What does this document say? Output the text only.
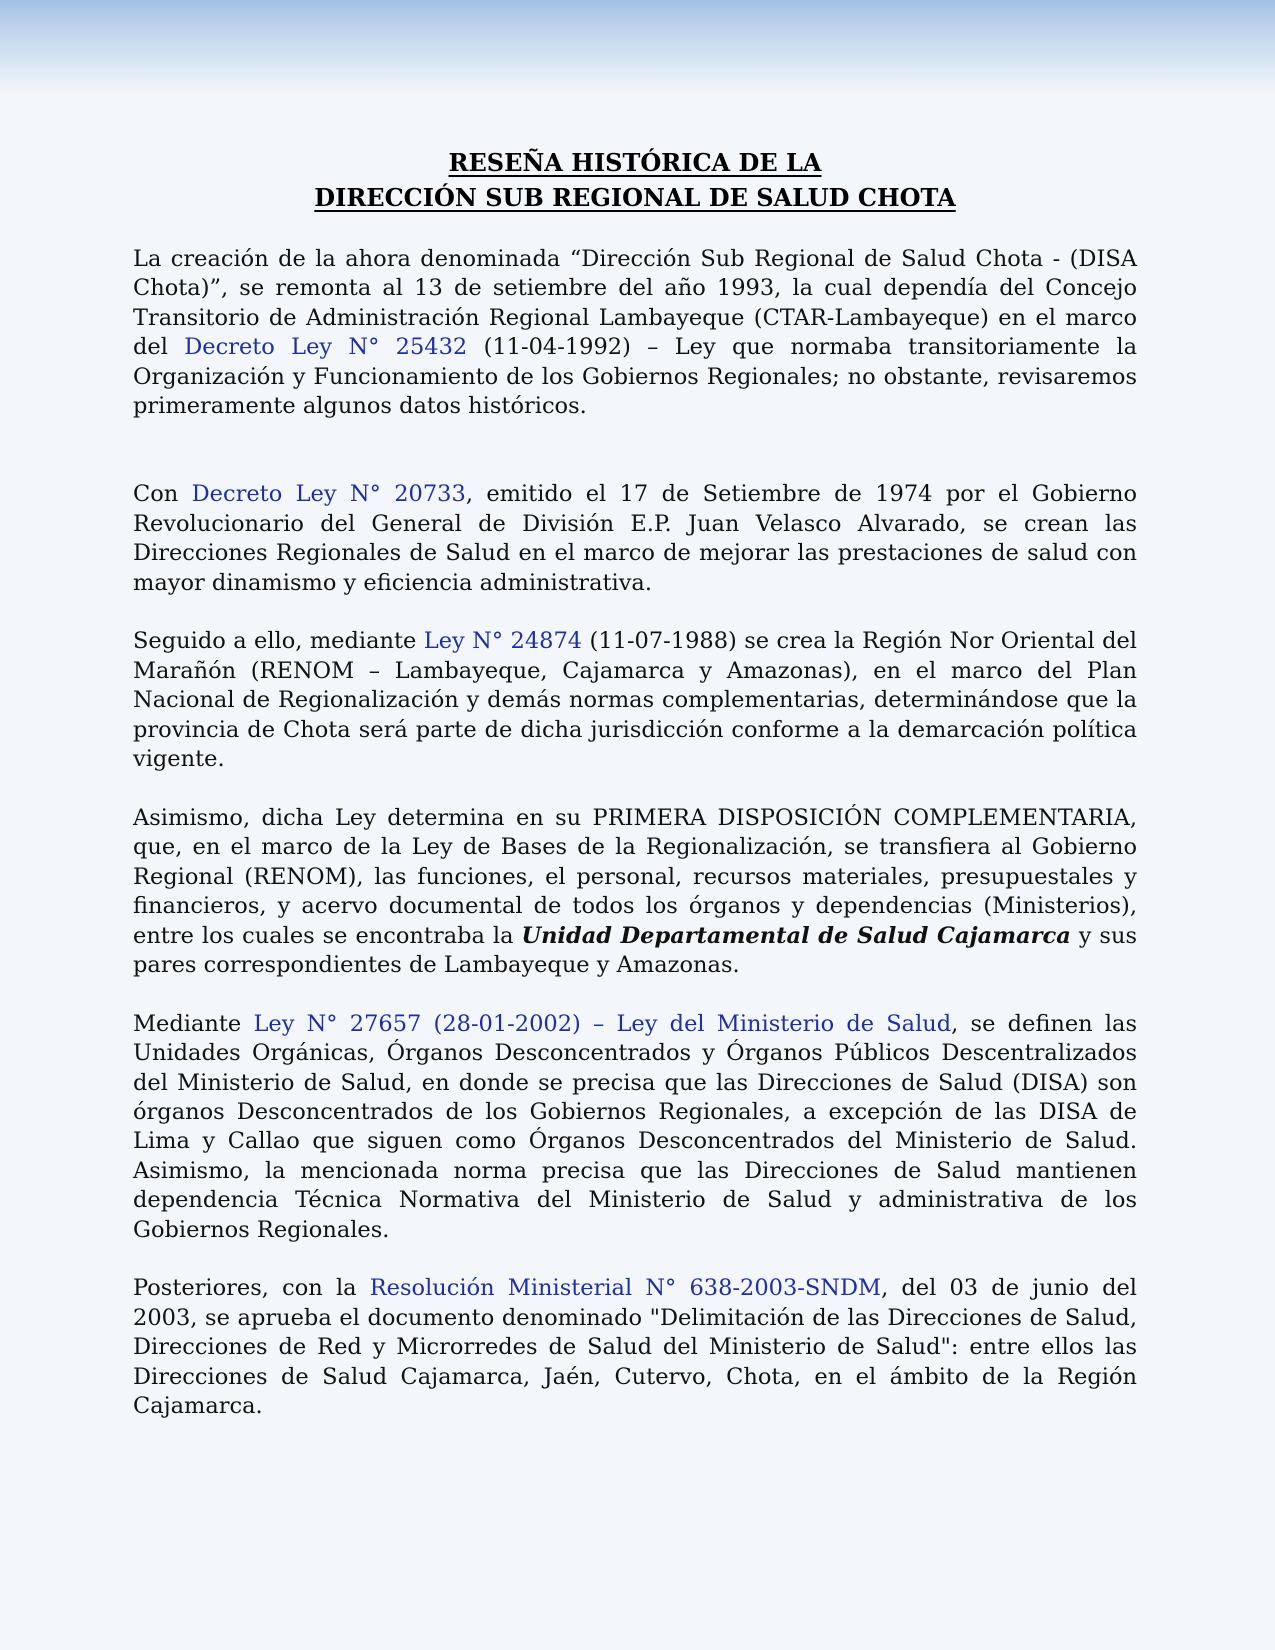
RESEÑA HISTÓRICA DE LA
DIRECCIÓN SUB REGIONAL DE SALUD CHOTA

La creación de la ahora denominada “Dirección Sub Regional de Salud Chota - (DISA Chota)”, se remonta al 13 de setiembre del año 1993, la cual dependía del Concejo Transitorio de Administración Regional Lambayeque (CTAR-Lambayeque) en el marco del Decreto Ley N° 25432 (11-04-1992) – Ley que normaba transitoriamente la Organización y Funcionamiento de los Gobiernos Regionales; no obstante, revisaremos primeramente algunos datos históricos.

Con Decreto Ley N° 20733, emitido el 17 de Setiembre de 1974 por el Gobierno Revolucionario del General de División E.P. Juan Velasco Alvarado, se crean las Direcciones Regionales de Salud en el marco de mejorar las prestaciones de salud con mayor dinamismo y eficiencia administrativa.

Seguido a ello, mediante Ley N° 24874 (11-07-1988) se crea la Región Nor Oriental del Marañón (RENOM – Lambayeque, Cajamarca y Amazonas), en el marco del Plan Nacional de Regionalización y demás normas complementarias, determinándose que la provincia de Chota será parte de dicha jurisdicción conforme a la demarcación política vigente.

Asimismo, dicha Ley determina en su PRIMERA DISPOSICIÓN COMPLEMENTARIA, que, en el marco de la Ley de Bases de la Regionalización, se transfiera al Gobierno Regional (RENOM), las funciones, el personal, recursos materiales, presupuestales y financieros, y acervo documental de todos los órganos y dependencias (Ministerios), entre los cuales se encontraba la Unidad Departamental de Salud Cajamarca y sus pares correspondientes de Lambayeque y Amazonas.

Mediante Ley N° 27657 (28-01-2002) – Ley del Ministerio de Salud, se definen las Unidades Orgánicas, Órganos Desconcentrados y Órganos Públicos Descentralizados del Ministerio de Salud, en donde se precisa que las Direcciones de Salud (DISA) son órganos Desconcentrados de los Gobiernos Regionales, a excepción de las DISA de Lima y Callao que siguen como Órganos Desconcentrados del Ministerio de Salud. Asimismo, la mencionada norma precisa que las Direcciones de Salud mantienen dependencia Técnica Normativa del Ministerio de Salud y administrativa de los Gobiernos Regionales.

Posteriores, con la Resolución Ministerial N° 638-2003-SNDM, del 03 de junio del 2003, se aprueba el documento denominado "Delimitación de las Direcciones de Salud, Direcciones de Red y Microrredes de Salud del Ministerio de Salud": entre ellos las Direcciones de Salud Cajamarca, Jaén, Cutervo, Chota, en el ámbito de la Región Cajamarca.
